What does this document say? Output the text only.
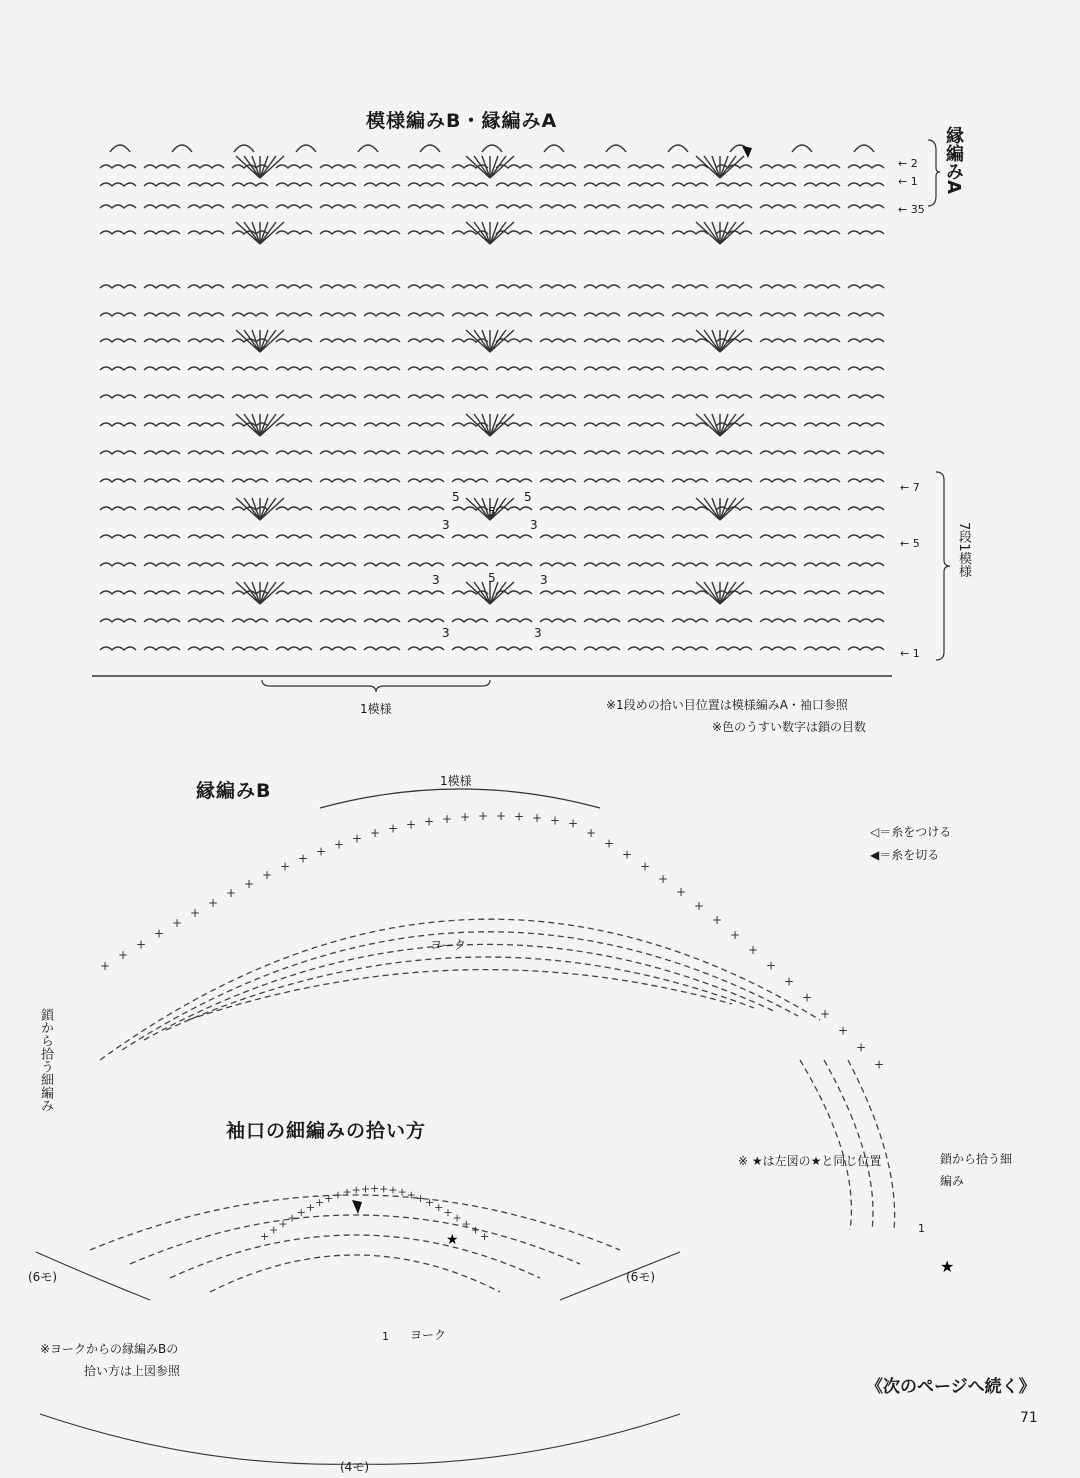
模様編みB・縁編みA
← 2
← 1
← 35
縁編みA
← 7
← 5
← 1
7段1模様
5	5
3
5
3
3	5	3
3	3
1模様	※1段めの拾い目位置は模様編みA・袖口参照
※色のうすい数字は鎖の目数
縁編みB
+
+
+
+
+
+
+
+
+
+
+
+
+ + + + + + + + + + + + + + +
+
+
+
+
+
+
+
+
+
+
+
+
+
+
+
+
+
1模様
ヨーク
鎖から拾う細編み
◁＝糸をつける
◀＝糸を切る
袖口の細編みの拾い方
+ + + + + + + + + + + + + + + + + + + + + + + + +
★
(6モ)	(6モ)
ヨーク
1
(4モ)
※ヨークからの縁編みBの
拾い方は上図参照
★
※ ★は左図の★と同じ位置	鎖から拾う細編み
1
《次のページへ続く》
71
